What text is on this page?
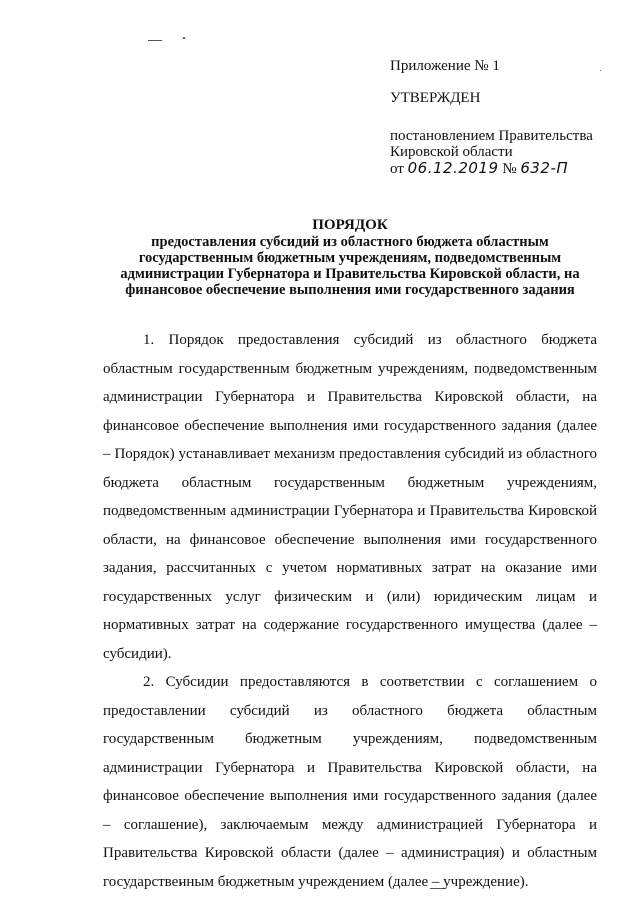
Приложение № 1
УТВЕРЖДЕН
постановлением Правительства
Кировской области
от 06.12.2019 № 632-П
ПОРЯДОК
предоставления субсидий из областного бюджета областным государственным бюджетным учреждениям, подведомственным администрации Губернатора и Правительства Кировской области, на финансовое обеспечение выполнения ими государственного задания

1. Порядок предоставления субсидий из областного бюджета областным государственным бюджетным учреждениям, подведомственным администрации Губернатора и Правительства Кировской области, на финансовое обеспечение выполнения ими государственного задания (далее – Порядок) устанавливает механизм предоставления субсидий из областного бюджета областным государственным бюджетным учреждениям, подведомственным администрации Губернатора и Правительства Кировской области, на финансовое обеспечение выполнения ими государственного задания, рассчитанных с учетом нормативных затрат на оказание ими государственных услуг физическим и (или) юридическим лицам и нормативных затрат на содержание государственного имущества (далее – субсидии).

2. Субсидии предоставляются в соответствии с соглашением о предоставлении субсидий из областного бюджета областным государственным бюджетным учреждениям, подведомственным администрации Губернатора и Правительства Кировской области, на финансовое обеспечение выполнения ими государственного задания (далее – соглашение), заключаемым между администрацией Губернатора и Правительства Кировской области (далее – администрация) и областным государственным бюджетным учреждением (далее – учреждение).
